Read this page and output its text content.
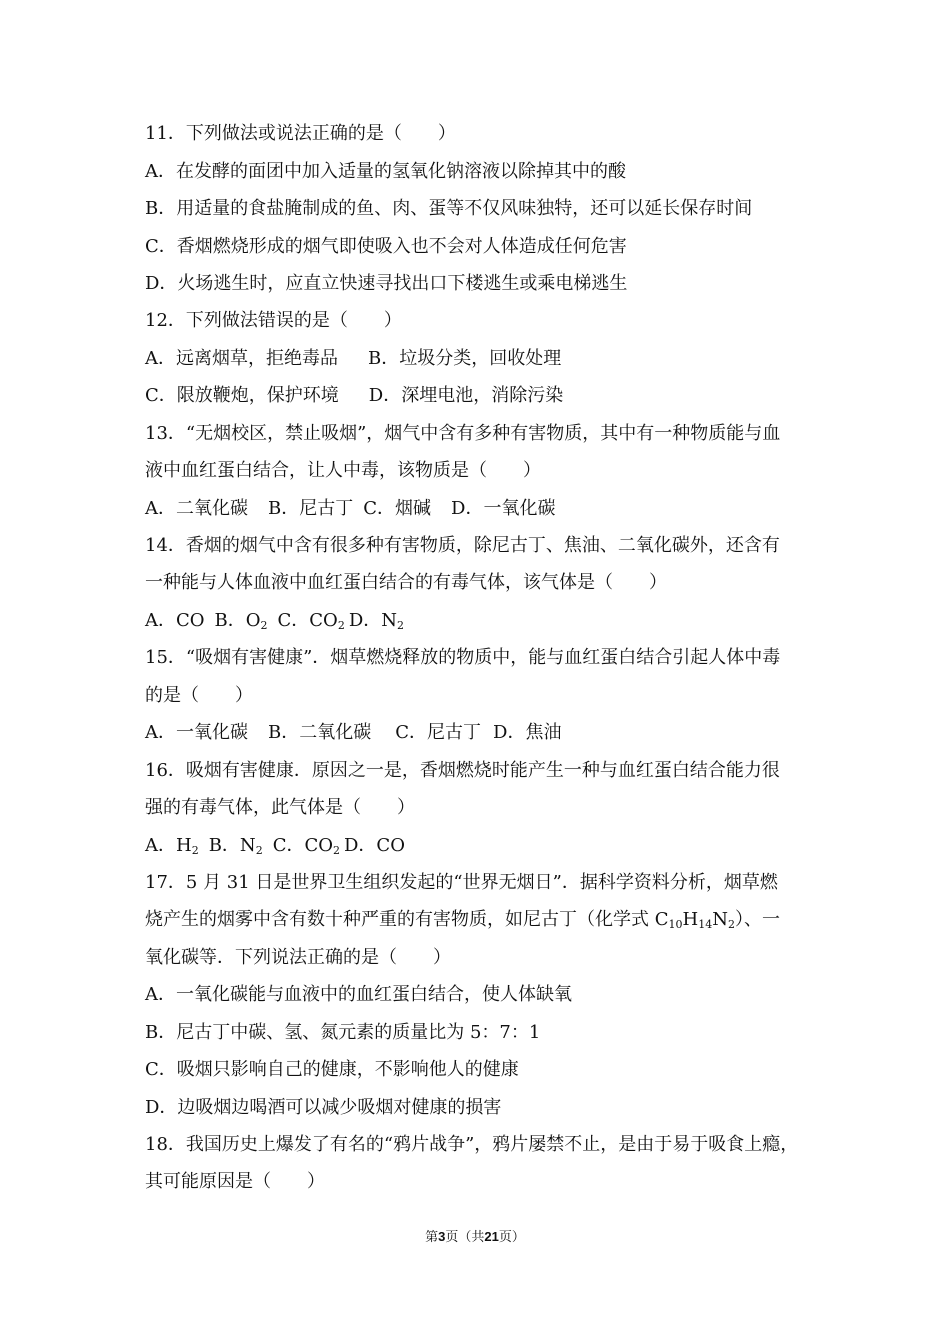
11．下列做法或说法正确的是（　　）
A．在发酵的面团中加入适量的氢氧化钠溶液以除掉其中的酸
B．用适量的食盐腌制成的鱼、肉、蛋等不仅风味独特，还可以延长保存时间
C．香烟燃烧形成的烟气即使吸入也不会对人体造成任何危害
D．火场逃生时，应直立快速寻找出口下楼逃生或乘电梯逃生
12．下列做法错误的是（　　）
A．远离烟草，拒绝毒品 B．垃圾分类，回收处理
C．限放鞭炮，保护环境 D．深埋电池，消除污染
13．“无烟校区，禁止吸烟”，烟气中含有多种有害物质，其中有一种物质能与血
液中血红蛋白结合，让人中毒，该物质是（　　）
A．二氧化碳 B．尼古丁 C．烟碱 D．一氧化碳
14．香烟的烟气中含有很多种有害物质，除尼古丁、焦油、二氧化碳外，还含有
一种能与人体血液中血红蛋白结合的有毒气体，该气体是（　　）
A．CO B．$O_2$ C．$CO_2$ D．$N_2$
15．“吸烟有害健康”．烟草燃烧释放的物质中，能与血红蛋白结合引起人体中毒
的是（　　）
A．一氧化碳 B．二氧化碳 C．尼古丁 D．焦油
16．吸烟有害健康．原因之一是，香烟燃烧时能产生一种与血红蛋白结合能力很
强的有毒气体，此气体是（　　）
A．$H_2$ B．$N_2$ C．$CO_2$ D．CO
17．5 月 31 日是世界卫生组织发起的“世界无烟日”．据科学资料分析，烟草燃
烧产生的烟雾中含有数十种严重的有害物质，如尼古丁（化学式 $C_{10}H_{14}N_2$）、一
氧化碳等．下列说法正确的是（　　）
A．一氧化碳能与血液中的血红蛋白结合，使人体缺氧
B．尼古丁中碳、氢、氮元素的质量比为 5：7：1
C．吸烟只影响自己的健康，不影响他人的健康
D．边吸烟边喝酒可以减少吸烟对健康的损害
18．我国历史上爆发了有名的“鸦片战争”，鸦片屡禁不止，是由于易于吸食上瘾，
其可能原因是（　　）
第3页（共21页）
